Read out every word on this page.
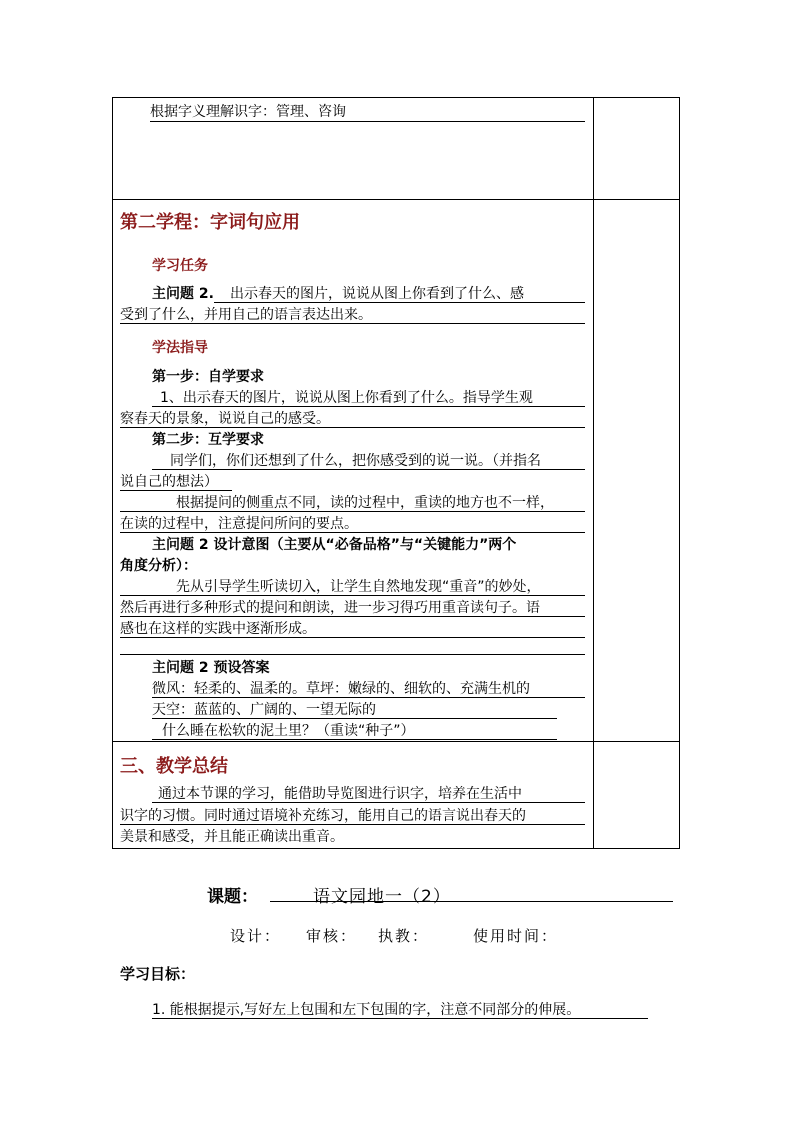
根据字义理解识字：管理、咨询
第二学程：字词句应用
学习任务
主问题 2. 出示春天的图片，说说从图上你看到了什么、感
受到了什么，并用自己的语言表达出来。
学法指导
第一步：自学要求
1、出示春天的图片，说说从图上你看到了什么。指导学生观
察春天的景象，说说自己的感受。
第二步：互学要求
同学们，你们还想到了什么，把你感受到的说一说。（并指名
说自己的想法）
根据提问的侧重点不同，读的过程中，重读的地方也不一样，
在读的过程中，注意提问所问的要点。
主问题 2 设计意图（主要从“必备品格”与“关键能力”两个
角度分析）：
先从引导学生听读切入，让学生自然地发现“重音”的妙处，
然后再进行多种形式的提问和朗读，进一步习得巧用重音读句子。语
感也在这样的实践中逐渐形成。
主问题 2 预设答案
微风：轻柔的、温柔的。草坪：嫩绿的、细软的、充满生机的
天空：蓝蓝的、广阔的、一望无际的
什么睡在松软的泥土里？（重读“种子”）
三、教学总结
通过本节课的学习，能借助导览图进行识字，培养在生活中
识字的习惯。同时通过语境补充练习，能用自己的语言说出春天的
美景和感受，并且能正确读出重音。
课题：	语文园地一（2）
设计： 审核： 执教：	使用时间：
学习目标：
1. 能根据提示,写好左上包围和左下包围的字，注意不同部分的伸展。
